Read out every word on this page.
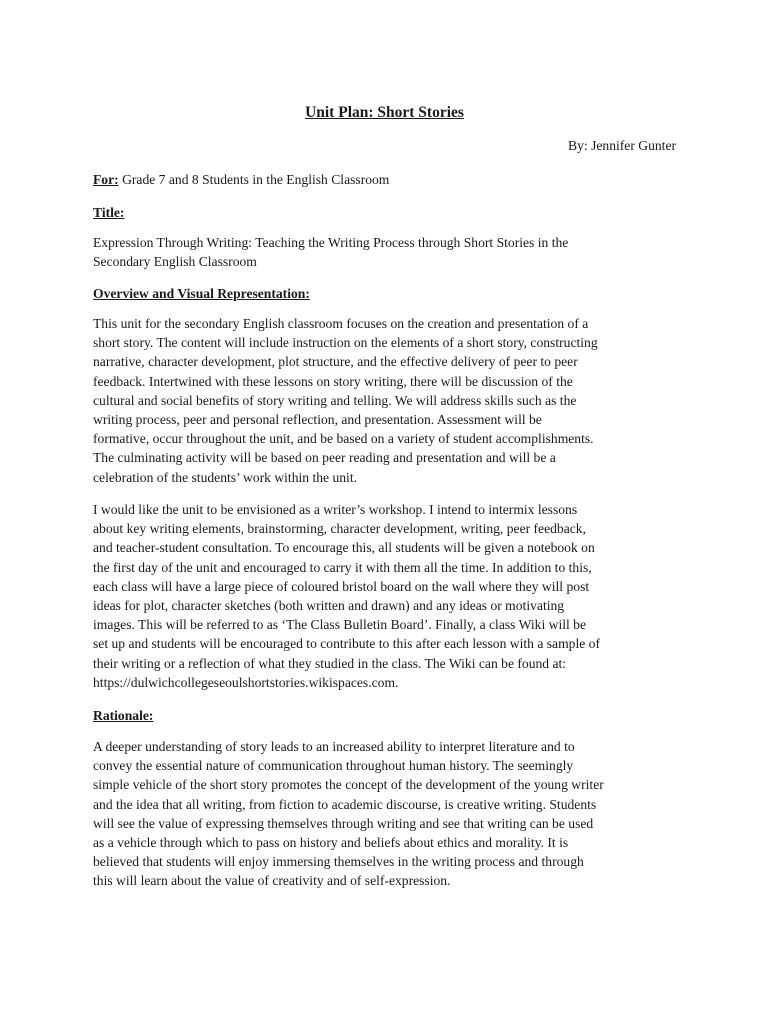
Unit Plan: Short Stories

By: Jennifer Gunter

For: Grade 7 and 8 Students in the English Classroom

Title:

Expression Through Writing: Teaching the Writing Process through Short Stories in the
Secondary English Classroom

Overview and Visual Representation:

This unit for the secondary English classroom focuses on the creation and presentation of a
short story. The content will include instruction on the elements of a short story, constructing
narrative, character development, plot structure, and the effective delivery of peer to peer
feedback. Intertwined with these lessons on story writing, there will be discussion of the
cultural and social benefits of story writing and telling. We will address skills such as the
writing process, peer and personal reflection, and presentation. Assessment will be
formative, occur throughout the unit, and be based on a variety of student accomplishments.
The culminating activity will be based on peer reading and presentation and will be a
celebration of the students’ work within the unit.

I would like the unit to be envisioned as a writer’s workshop. I intend to intermix lessons
about key writing elements, brainstorming, character development, writing, peer feedback,
and teacher-student consultation. To encourage this, all students will be given a notebook on
the first day of the unit and encouraged to carry it with them all the time. In addition to this,
each class will have a large piece of coloured bristol board on the wall where they will post
ideas for plot, character sketches (both written and drawn) and any ideas or motivating
images. This will be referred to as ‘The Class Bulletin Board’. Finally, a class Wiki will be
set up and students will be encouraged to contribute to this after each lesson with a sample of
their writing or a reflection of what they studied in the class. The Wiki can be found at:
https://dulwichcollegeseoulshortstories.wikispaces.com.

Rationale:

A deeper understanding of story leads to an increased ability to interpret literature and to
convey the essential nature of communication throughout human history. The seemingly
simple vehicle of the short story promotes the concept of the development of the young writer
and the idea that all writing, from fiction to academic discourse, is creative writing. Students
will see the value of expressing themselves through writing and see that writing can be used
as a vehicle through which to pass on history and beliefs about ethics and morality. It is
believed that students will enjoy immersing themselves in the writing process and through
this will learn about the value of creativity and of self-expression.
